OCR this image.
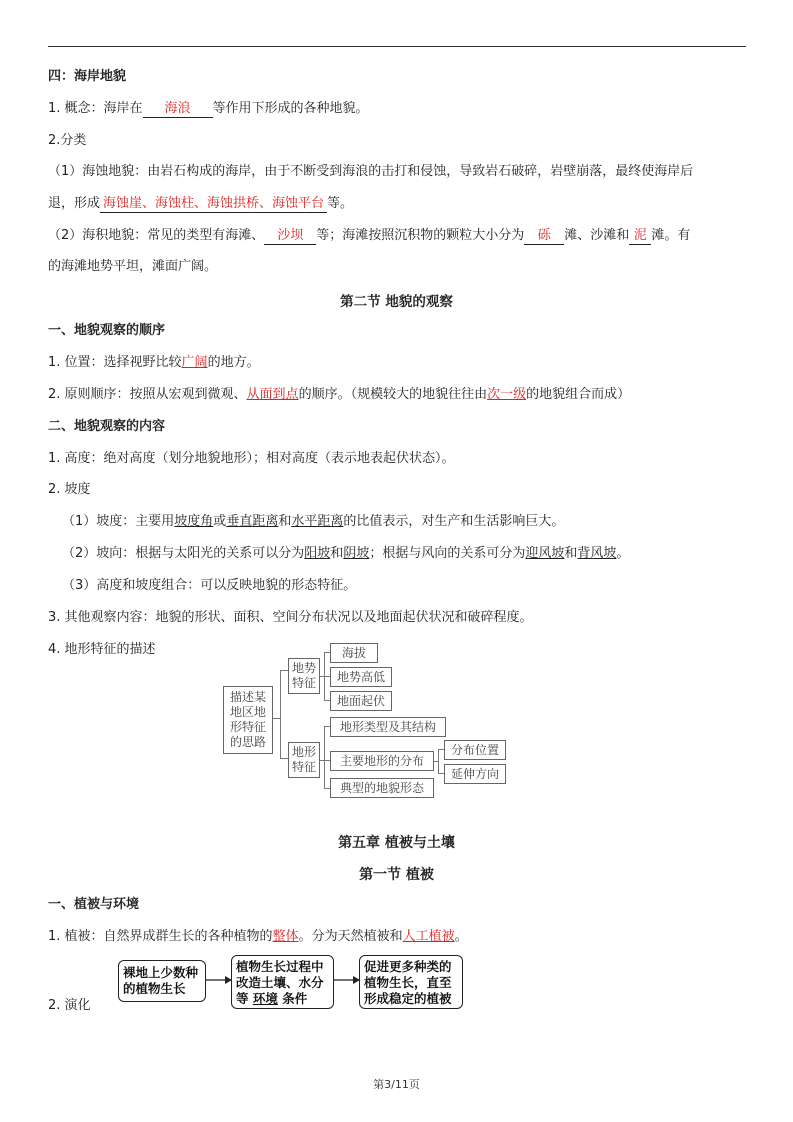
四：海岸地貌
1. 概念：海岸在 海浪 等作用下形成的各种地貌。
2.分类
（1）海蚀地貌：由岩石构成的海岸，由于不断受到海浪的击打和侵蚀，导致岩石破碎，岩壁崩落，最终使海岸后
退，形成 海蚀崖、海蚀柱、海蚀拱桥、海蚀平台 等。
（2）海积地貌：常见的类型有海滩、 沙坝 等；海滩按照沉积物的颗粒大小分为 砾 滩、沙滩和 泥 滩。有
的海滩地势平坦，滩面广阔。
第二节 地貌的观察
一、地貌观察的顺序
1. 位置：选择视野比较广阔的地方。
2. 原则顺序：按照从宏观到微观、从面到点的顺序。（规模较大的地貌往往由次一级的地貌组合而成）
二、地貌观察的内容
1. 高度：绝对高度（划分地貌地形）；相对高度（表示地表起伏状态）。
2. 坡度
（1）坡度：主要用坡度角或垂直距离和水平距离的比值表示，对生产和生活影响巨大。
（2）坡向：根据与太阳光的关系可以分为阳坡和阴坡；根据与风向的关系可分为迎风坡和背风坡。
（3）高度和坡度组合：可以反映地貌的形态特征。
3. 其他观察内容：地貌的形状、面积、空间分布状况以及地面起伏状况和破碎程度。
4. 地形特征的描述
描述某
地区地
形特征
的思路
地势
特征
海拔
地势高低
地面起伏
地形
特征
地形类型及其结构
主要地形的分布
典型的地貌形态
分布位置
延伸方向
第五章 植被与土壤
第一节 植被
一、植被与环境
1. 植被：自然界成群生长的各种植物的整体。分为天然植被和人工植被。
2. 演化
裸地上少数种
的植物生长
植物生长过程中
改造土壤、水分
等 环境 条件
促进更多种类的
植物生长，直至
形成稳定的植被
第3/11页
